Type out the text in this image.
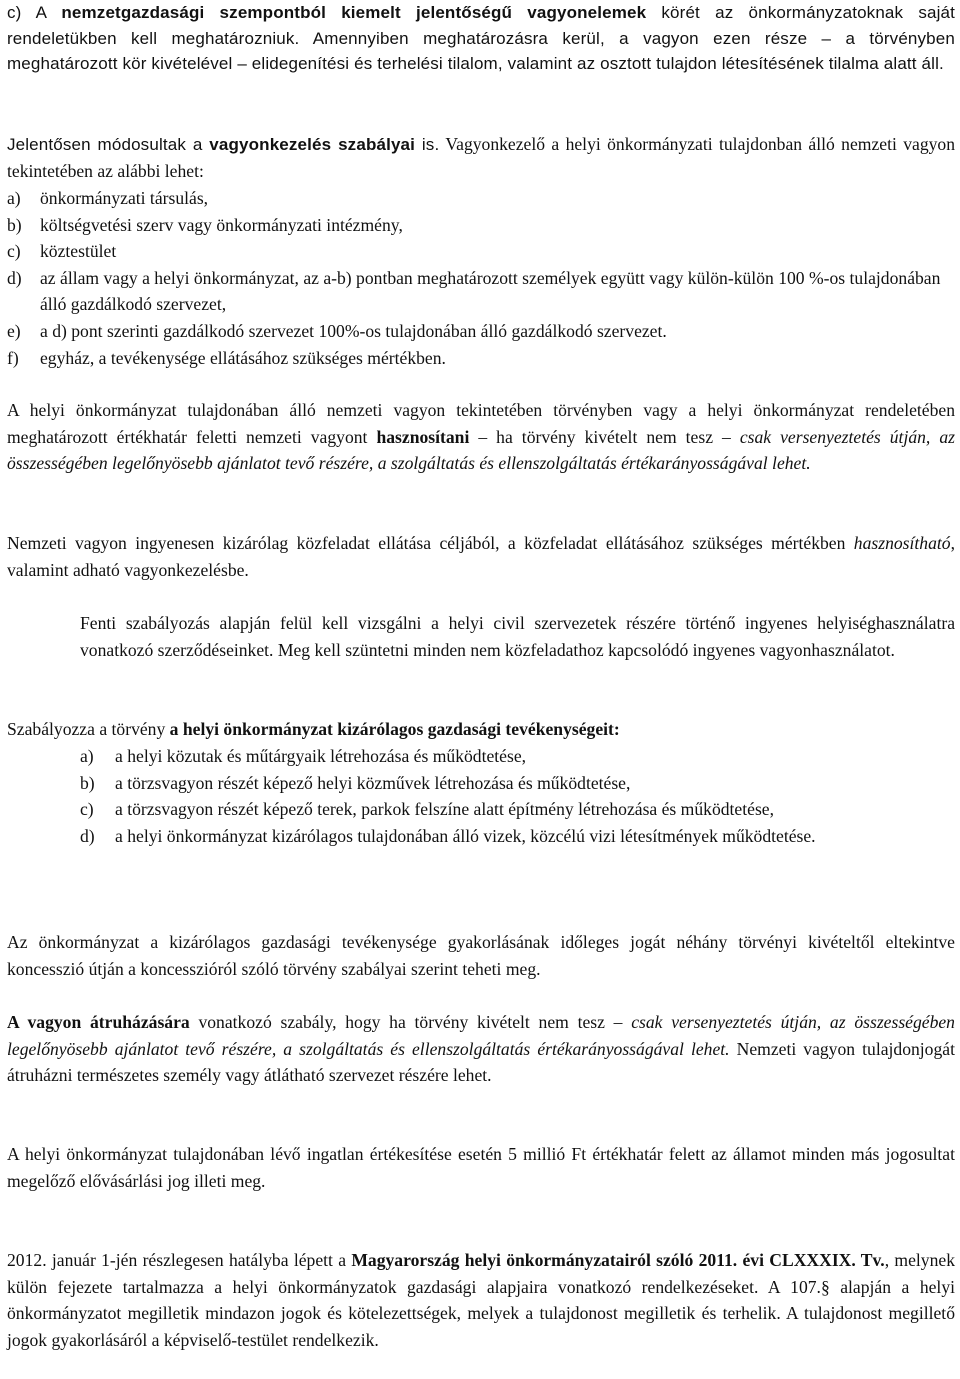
c) A nemzetgazdasági szempontból kiemelt jelentőségű vagyonelemek körét az önkormányzatoknak saját rendeletükben kell meghatározniuk. Amennyiben meghatározásra kerül, a vagyon ezen része – a törvényben meghatározott kör kivételével – elidegenítési és terhelési tilalom, valamint az osztott tulajdon létesítésének tilalma alatt áll.
Jelentősen módosultak a vagyonkezelés szabályai is. Vagyonkezelő a helyi önkormányzati tulajdonban álló nemzeti vagyon tekintetében az alábbi lehet:
a)	önkormányzati társulás,
b)	költségvetési szerv vagy önkormányzati intézmény,
c)	köztestület
d)	az állam vagy a helyi önkormányzat, az a-b) pontban meghatározott személyek együtt vagy külön-külön 100 %-os tulajdonában álló gazdálkodó szervezet,
e)	a d) pont szerinti gazdálkodó szervezet 100%-os tulajdonában álló gazdálkodó szervezet.
f)	egyház, a tevékenysége ellátásához szükséges mértékben.
A helyi önkormányzat tulajdonában álló nemzeti vagyon tekintetében törvényben vagy a helyi önkormányzat rendeletében meghatározott értékhatár feletti nemzeti vagyont hasznosítani – ha törvény kivételt nem tesz – csak versenyeztetés útján, az összességében legelőnyösebb ajánlatot tevő részére, a szolgáltatás és ellenszolgáltatás értékarányosságával lehet.
Nemzeti vagyon ingyenesen kizárólag közfeladat ellátása céljából, a közfeladat ellátásához szükséges mértékben hasznosítható, valamint adható vagyonkezelésbe.
Fenti szabályozás alapján felül kell vizsgálni a helyi civil szervezetek részére történő ingyenes helyiséghasználatra vonatkozó szerződéseinket. Meg kell szüntetni minden nem közfeladathoz kapcsolódó ingyenes vagyonhasználatot.
Szabályozza a törvény a helyi önkormányzat kizárólagos gazdasági tevékenységeit:
a)	a helyi közutak és műtárgyaik létrehozása és működtetése,
b)	a törzsvagyon részét képező helyi közművek létrehozása és működtetése,
c)	a törzsvagyon részét képező terek, parkok felszíne alatt építmény létrehozása és működtetése,
d)	a helyi önkormányzat kizárólagos tulajdonában álló vizek, közcélú vizi létesítmények működtetése.
Az önkormányzat a kizárólagos gazdasági tevékenysége gyakorlásának időleges jogát néhány törvényi kivételtől eltekintve koncesszió útján a koncesszióról szóló törvény szabályai szerint teheti meg.
A vagyon átruházására vonatkozó szabály, hogy ha törvény kivételt nem tesz – csak versenyeztetés útján, az összességében legelőnyösebb ajánlatot tevő részére, a szolgáltatás és ellenszolgáltatás értékarányosságával lehet. Nemzeti vagyon tulajdonjogát átruházni természetes személy vagy átlátható szervezet részére lehet.
A helyi önkormányzat tulajdonában lévő ingatlan értékesítése esetén 5 millió Ft értékhatár felett az államot minden más jogosultat megelőző elővásárlási jog illeti meg.
2012. január 1-jén részlegesen hatályba lépett a Magyarország helyi önkormányzatairól szóló 2011. évi CLXXXIX. Tv., melynek külön fejezete tartalmazza a helyi önkormányzatok gazdasági alapjaira vonatkozó rendelkezéseket. A 107.§ alapján a helyi önkormányzatot megilletik mindazon jogok és kötelezettségek, melyek a tulajdonost megilletik és terhelik. A tulajdonost megillető jogok gyakorlásáról a képviselő-testület rendelkezik.
